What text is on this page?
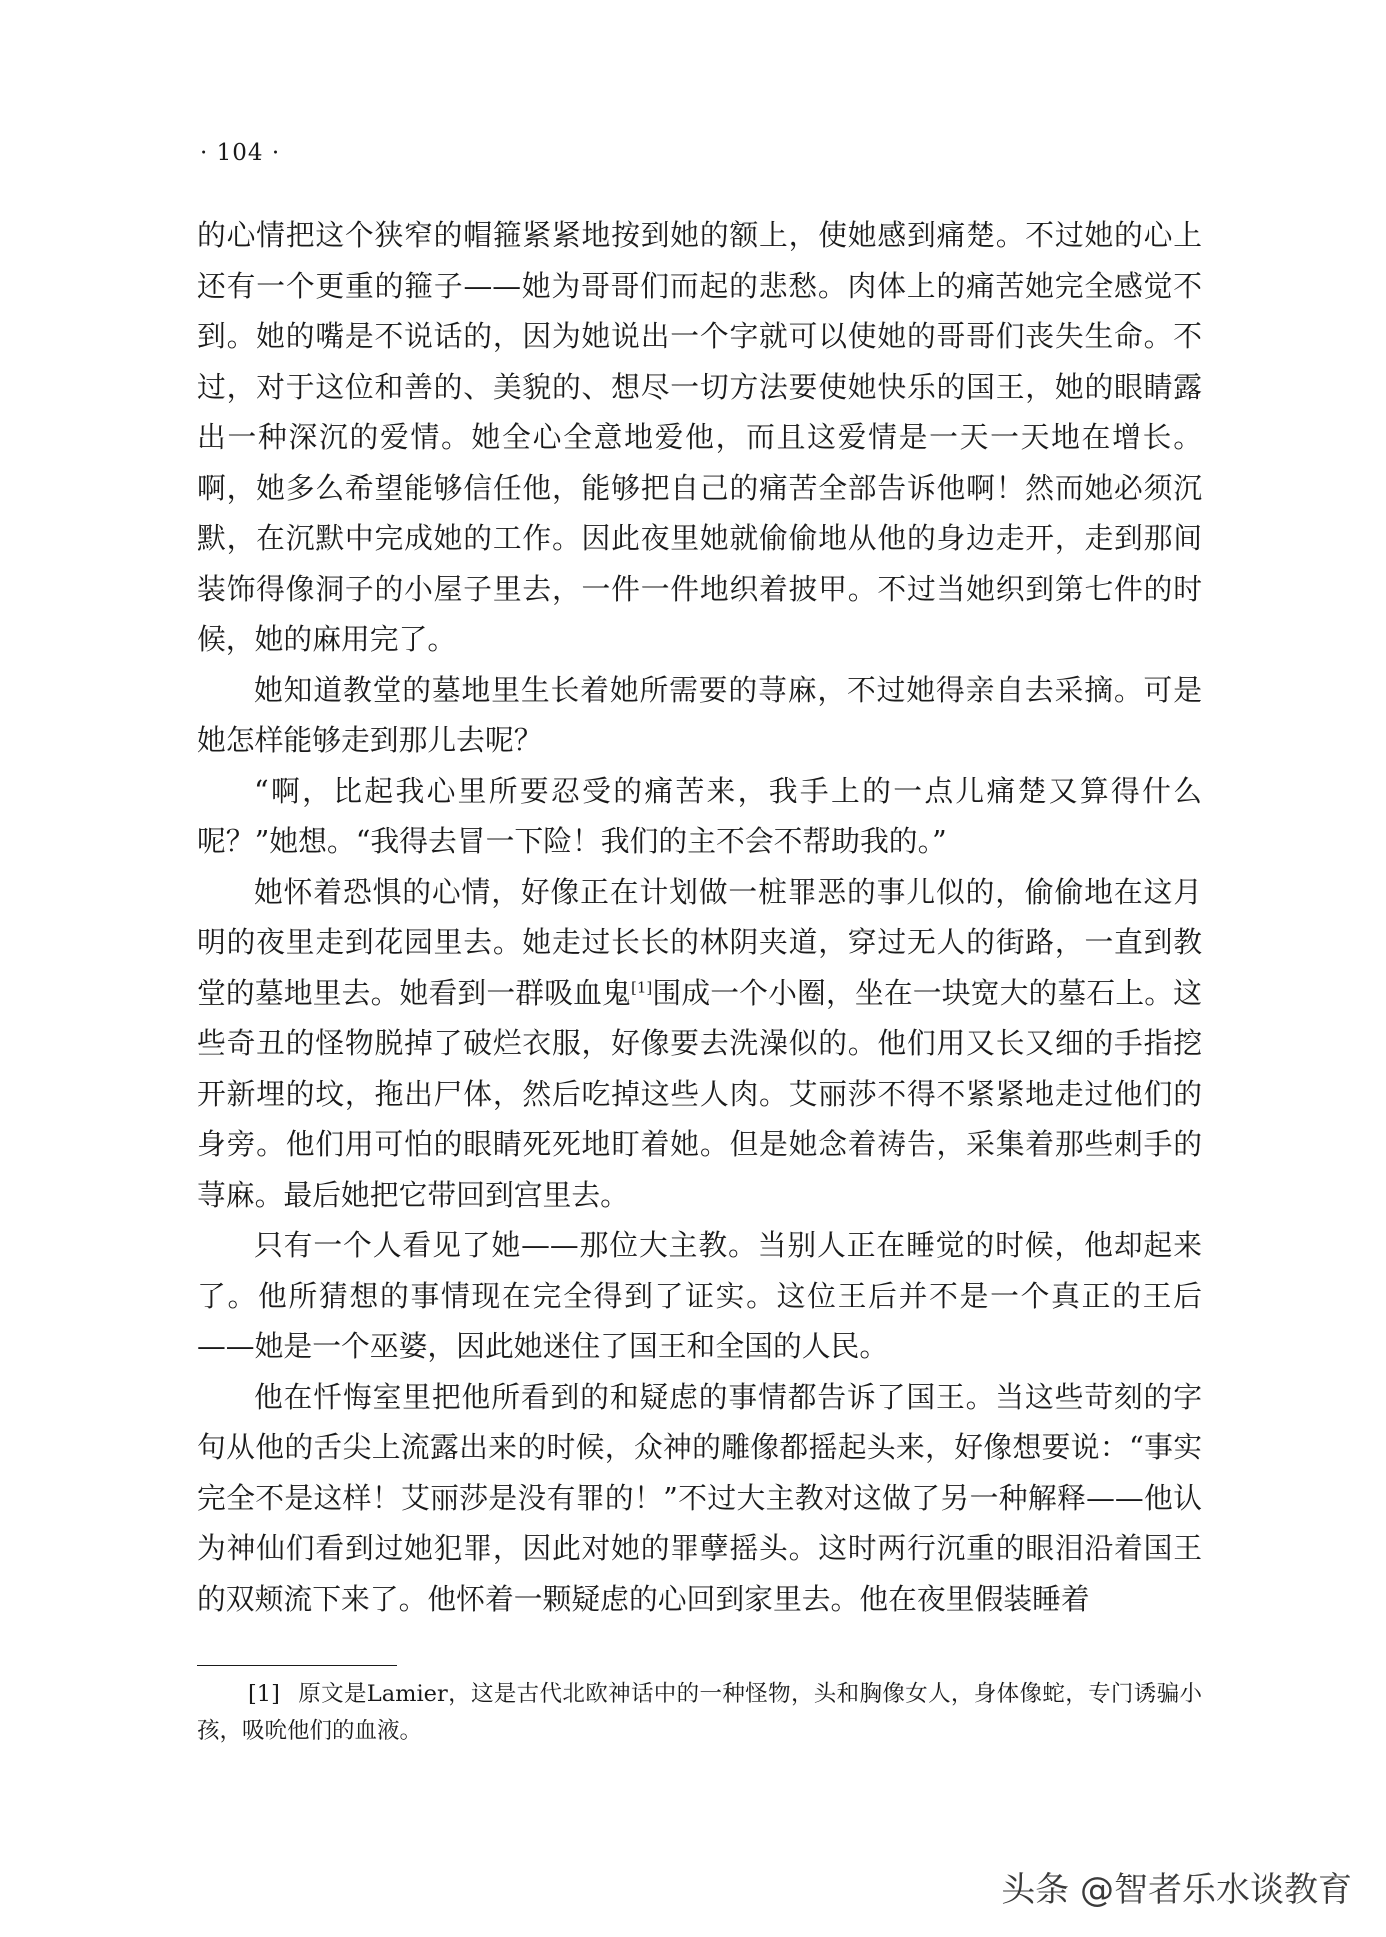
· 104 ·

的心情把这个狭窄的帽箍紧紧地按到她的额上，使她感到痛楚。不过她的心上还有一个更重的箍子——她为哥哥们而起的悲愁。肉体上的痛苦她完全感觉不到。她的嘴是不说话的，因为她说出一个字就可以使她的哥哥们丧失生命。不过，对于这位和善的、美貌的、想尽一切方法要使她快乐的国王，她的眼睛露出一种深沉的爱情。她全心全意地爱他，而且这爱情是一天一天地在增长。啊，她多么希望能够信任他，能够把自己的痛苦全部告诉他啊！然而她必须沉默，在沉默中完成她的工作。因此夜里她就偷偷地从他的身边走开，走到那间装饰得像洞子的小屋子里去，一件一件地织着披甲。不过当她织到第七件的时候，她的麻用完了。

她知道教堂的墓地里生长着她所需要的荨麻，不过她得亲自去采摘。可是她怎样能够走到那儿去呢？

“啊，比起我心里所要忍受的痛苦来，我手上的一点儿痛楚又算得什么呢？”她想。“我得去冒一下险！我们的主不会不帮助我的。”

她怀着恐惧的心情，好像正在计划做一桩罪恶的事儿似的，偷偷地在这月明的夜里走到花园里去。她走过长长的林阴夹道，穿过无人的街路，一直到教堂的墓地里去。她看到一群吸血鬼[1]围成一个小圈，坐在一块宽大的墓石上。这些奇丑的怪物脱掉了破烂衣服，好像要去洗澡似的。他们用又长又细的手指挖开新埋的坟，拖出尸体，然后吃掉这些人肉。艾丽莎不得不紧紧地走过他们的身旁。他们用可怕的眼睛死死地盯着她。但是她念着祷告，采集着那些刺手的荨麻。最后她把它带回到宫里去。

只有一个人看见了她——那位大主教。当别人正在睡觉的时候，他却起来了。他所猜想的事情现在完全得到了证实。这位王后并不是一个真正的王后——她是一个巫婆，因此她迷住了国王和全国的人民。

他在忏悔室里把他所看到的和疑虑的事情都告诉了国王。当这些苛刻的字句从他的舌尖上流露出来的时候，众神的雕像都摇起头来，好像想要说：“事实完全不是这样！艾丽莎是没有罪的！”不过大主教对这做了另一种解释——他认为神仙们看到过她犯罪，因此对她的罪孽摇头。这时两行沉重的眼泪沿着国王的双颊流下来了。他怀着一颗疑虑的心回到家里去。他在夜里假装睡着

[1] 原文是Lamier，这是古代北欧神话中的一种怪物，头和胸像女人，身体像蛇，专门诱骗小孩，吸吮他们的血液。
头条 @智者乐水谈教育
